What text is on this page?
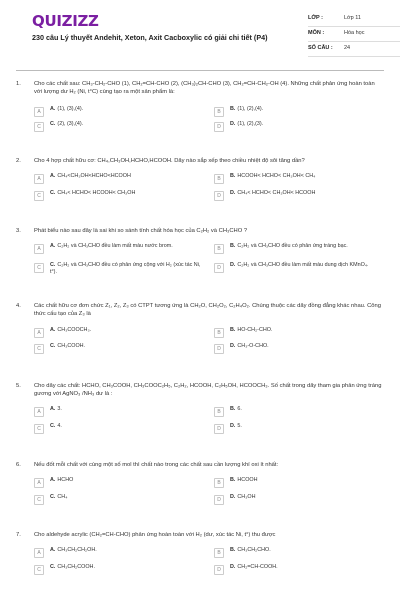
QUIZIZZ
230 câu Lý thuyết Andehit, Xeton, Axit Cacboxylic có giải chi tiết (P4)
LỚP :	Lớp 11
MÔN :	Hóa học
SỐ CÂU :	24
1.	Cho các chất sau: CH₃-CH₂-CHO (1), CH₂=CH-CHO (2), (CH₃)₂CH-CHO (3), CH₂=CH-CH₂-OH (4). Những chất phản ứng hoàn toàn với lượng dư H₂ (Ni, t°C) cùng tạo ra một sản phẩm là:
A	A. (1), (3),(4).	B	B. (1), (2),(4).
C	C. (2), (3),(4).	D	D. (1), (2),(3).
2.	Cho 4 hợp chất hữu cơ: CH₄,CH₃OH,HCHO,HCOOH. Dãy nào sắp xếp theo chiều nhiệt độ sôi tăng dần?
A	A. CH₄<CH₃OH<HCHO<HCOOH	B	B. HCOOH< HCHO< CH₃OH< CH₄
C	C. CH₄< HCHO< HCOOH< CH₃OH	D	D. CH₄< HCHO< CH₃OH< HCOOH
3.	Phát biểu nào sau đây là sai khi so sánh tính chất hóa học của C₂H₂ và CH₃CHO ?
A	A. C₂H₂ và CH₃CHO đều làm mất màu nước brom.	B	B. C₂H₂ và CH₃CHO đều có phản ứng tráng bạc.
C	C. C₂H₂ và CH₃CHO đều có phản ứng cộng với H₂ (xúc tác Ni, t°).
D	D. C₂H₂ và CH₃CHO đều làm mất màu dung dịch KMnO₄.
4.	Các chất hữu cơ đơn chức Z₁, Z₂, Z₃ có CTPT tương ứng là CH₂O, CH₂O₂, C₂H₄O₂. Chúng thuộc các dãy đồng đẳng khác nhau. Công thức cấu tạo của Z₃ là
A	A. CH₃COOCH₃.	B	B. HO-CH₂-CHO.
C	C. CH₃COOH.	D	D. CH₃-O-CHO.
5.	Cho dãy các chất: HCHO, CH₃COOH, CH₃COOC₂H₅, C₂H₂, HCOOH, C₂H₅OH, HCOOCH₃. Số chất trong dãy tham gia phản ứng tráng gương với AgNO₃ /NH₃ dư là :
A	A. 3.	B	B. 6.
C	C. 4.	D	D. 5.
6.	Nếu đốt mỗi chất với cùng một số mol thì chất nào trong các chất sau cần lượng khí oxi ít nhất:
A	A. HCHO	B	B. HCOOH
C	C. CH₄	D	D. CH₃OH
7.	Cho aldehyde acrylic (CH₂=CH-CHO) phản ứng hoàn toàn với H₂ (dư, xúc tác Ni, t°) thu được
A	A. CH₃CH₂CH₂OH.	B	B. CH₃CH₂CHO.
C	C. CH₃CH₂COOH.	D	D. CH₂=CH-COOH.
